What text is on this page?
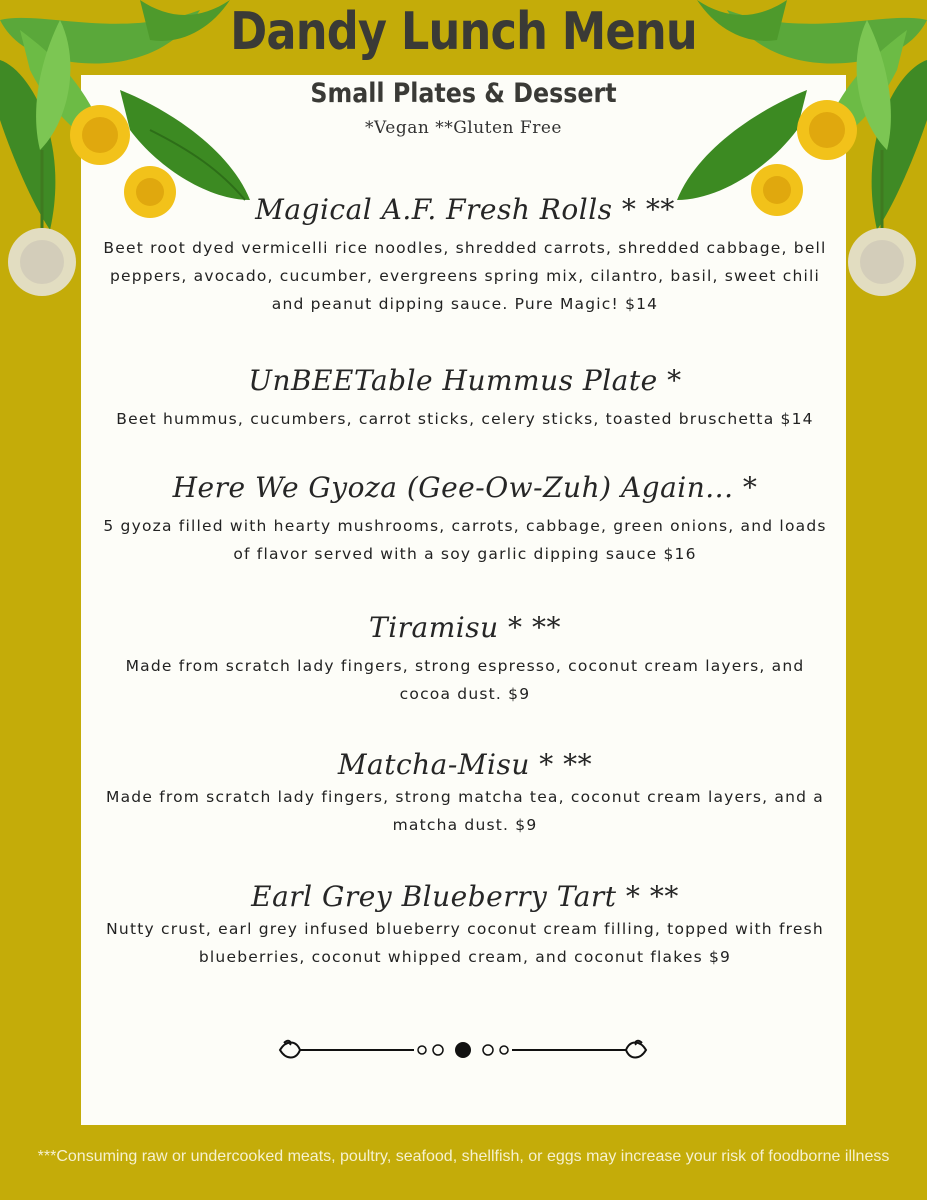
Dandy Lunch Menu
Small Plates & Dessert
*Vegan **Gluten Free
Magical A.F. Fresh Rolls * **
Beet root dyed vermicelli rice noodles, shredded carrots, shredded cabbage, bell peppers, avocado, cucumber, evergreens spring mix, cilantro, basil, sweet chili and peanut dipping sauce. Pure Magic! $14
UnBEETable Hummus Plate *
Beet hummus, cucumbers, carrot sticks, celery sticks, toasted bruschetta $14
Here We Gyoza (Gee-Ow-Zuh) Again... *
5 gyoza filled with hearty mushrooms, carrots, cabbage, green onions, and loads of flavor served with a soy garlic dipping sauce $16
Tiramisu * **
Made from scratch lady fingers, strong espresso, coconut cream layers, and cocoa dust. $9
Matcha-Misu * **
Made from scratch lady fingers, strong matcha tea, coconut cream layers, and a matcha dust. $9
Earl Grey Blueberry Tart * **
Nutty crust, earl grey infused blueberry coconut cream filling, topped with fresh blueberries, coconut whipped cream, and coconut flakes $9
***Consuming raw or undercooked meats, poultry, seafood, shellfish, or eggs may increase your risk of foodborne illness
